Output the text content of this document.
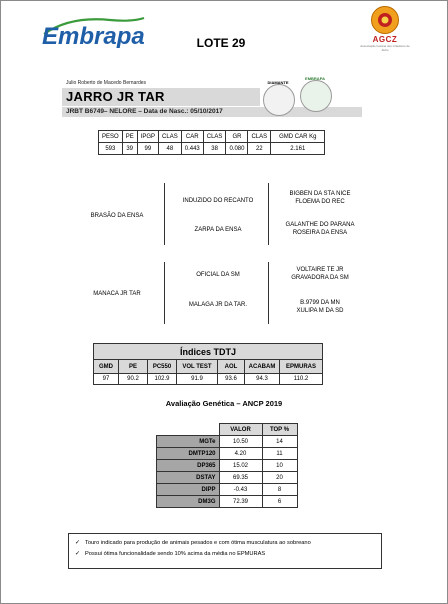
Embrapa	LOTE 29	AGCZ
Associação Goiana dos Criadores de Zebu
Julio Roberto de Macedo Bernardes
JARRO JR TAR
JRBT B6749– NELORE – Data de Nasc.: 05/10/2017
DIAMANTE
EMBRAPA
PESO	PE	IPGP	CLAS	CAR	CLAS	GR	CLAS	GMD CAR Kg
593	39	99	48	0.443	38	0.080	22	2.161
BRASÃO DA ENSA
INDUZIDO DO RECANTO
ZARPA DA ENSA
BIGBEN DA STA NICE
FLOEMA DO REC
GALANTHE DO PARANA
ROSEIRA DA ENSA
MANACA JR TAR
OFICIAL DA SM
MALAGA JR DA TAR.
VOLTAIRE TE JR
GRAVADORA DA SM
B.9799 DA MN
XULIPA M DA SD
Índices TDTJ						
GMD	PE	PC550	VOL TEST	AOL	ACABAM	EPMURAS
97	90.2	102.9	91.9	93.6	94.3	110.2
Avaliação Genética – ANCP 2019
	VALOR	TOP %
MGTe	10.50	14
DMTP120	4.20	11
DP365	15.02	10
DSTAY	69.35	20
DIPP	-0.43	8
DM3G	72.39	6
✓ Touro indicado para produção de animais pesados e com ótima musculatura ao sobreano
✓ Possui ótima funcionalidade sendo 10% acima da média no EPMURAS
